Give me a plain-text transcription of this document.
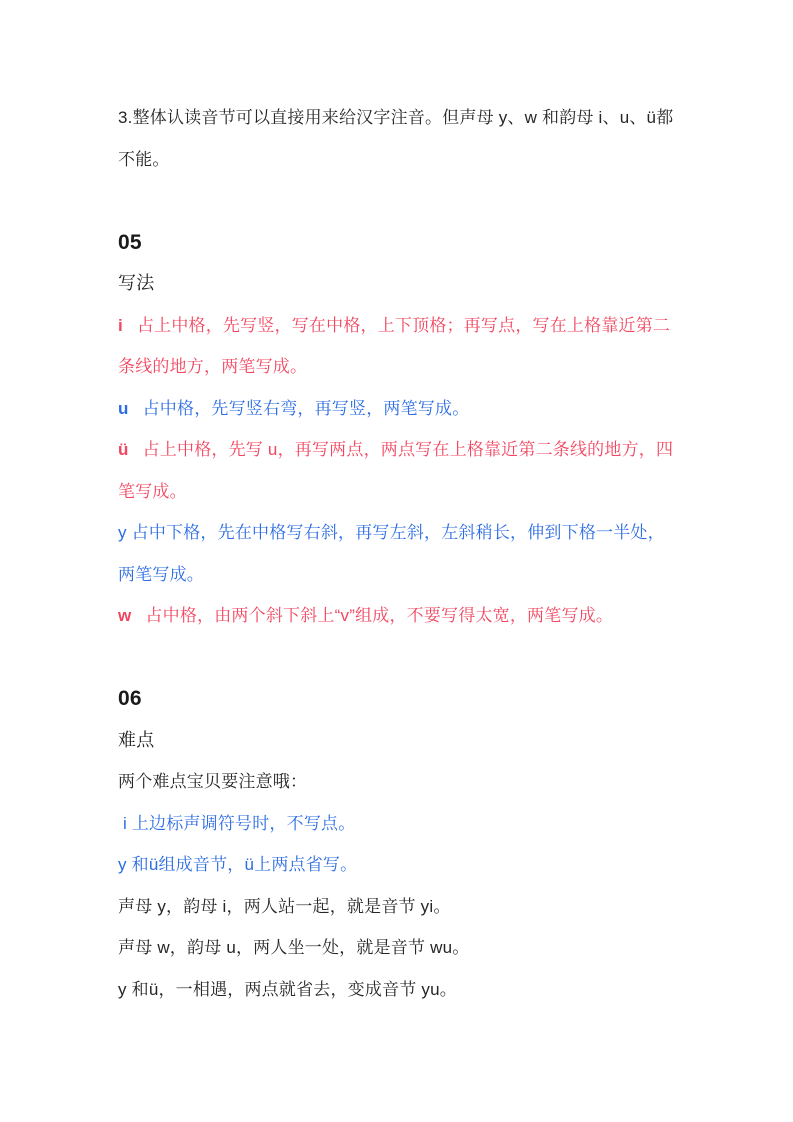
3.整体认读音节可以直接用来给汉字注音。但声母 y、w 和韵母 i、u、ü都不能。

05

写法

i 占上中格，先写竖，写在中格，上下顶格；再写点，写在上格靠近第二条线的地方，两笔写成。

u 占中格，先写竖右弯，再写竖，两笔写成。

ü 占上中格，先写 u，再写两点，两点写在上格靠近第二条线的地方，四笔写成。

y 占中下格，先在中格写右斜，再写左斜，左斜稍长，伸到下格一半处，两笔写成。

w 占中格，由两个斜下斜上“v”组成，不要写得太宽，两笔写成。

06

难点

两个难点宝贝要注意哦：

i 上边标声调符号时，不写点。

y 和ü组成音节，ü上两点省写。

声母 y，韵母 i，两人站一起，就是音节 yi。

声母 w，韵母 u，两人坐一处，就是音节 wu。

y 和ü，一相遇，两点就省去，变成音节 yu。
